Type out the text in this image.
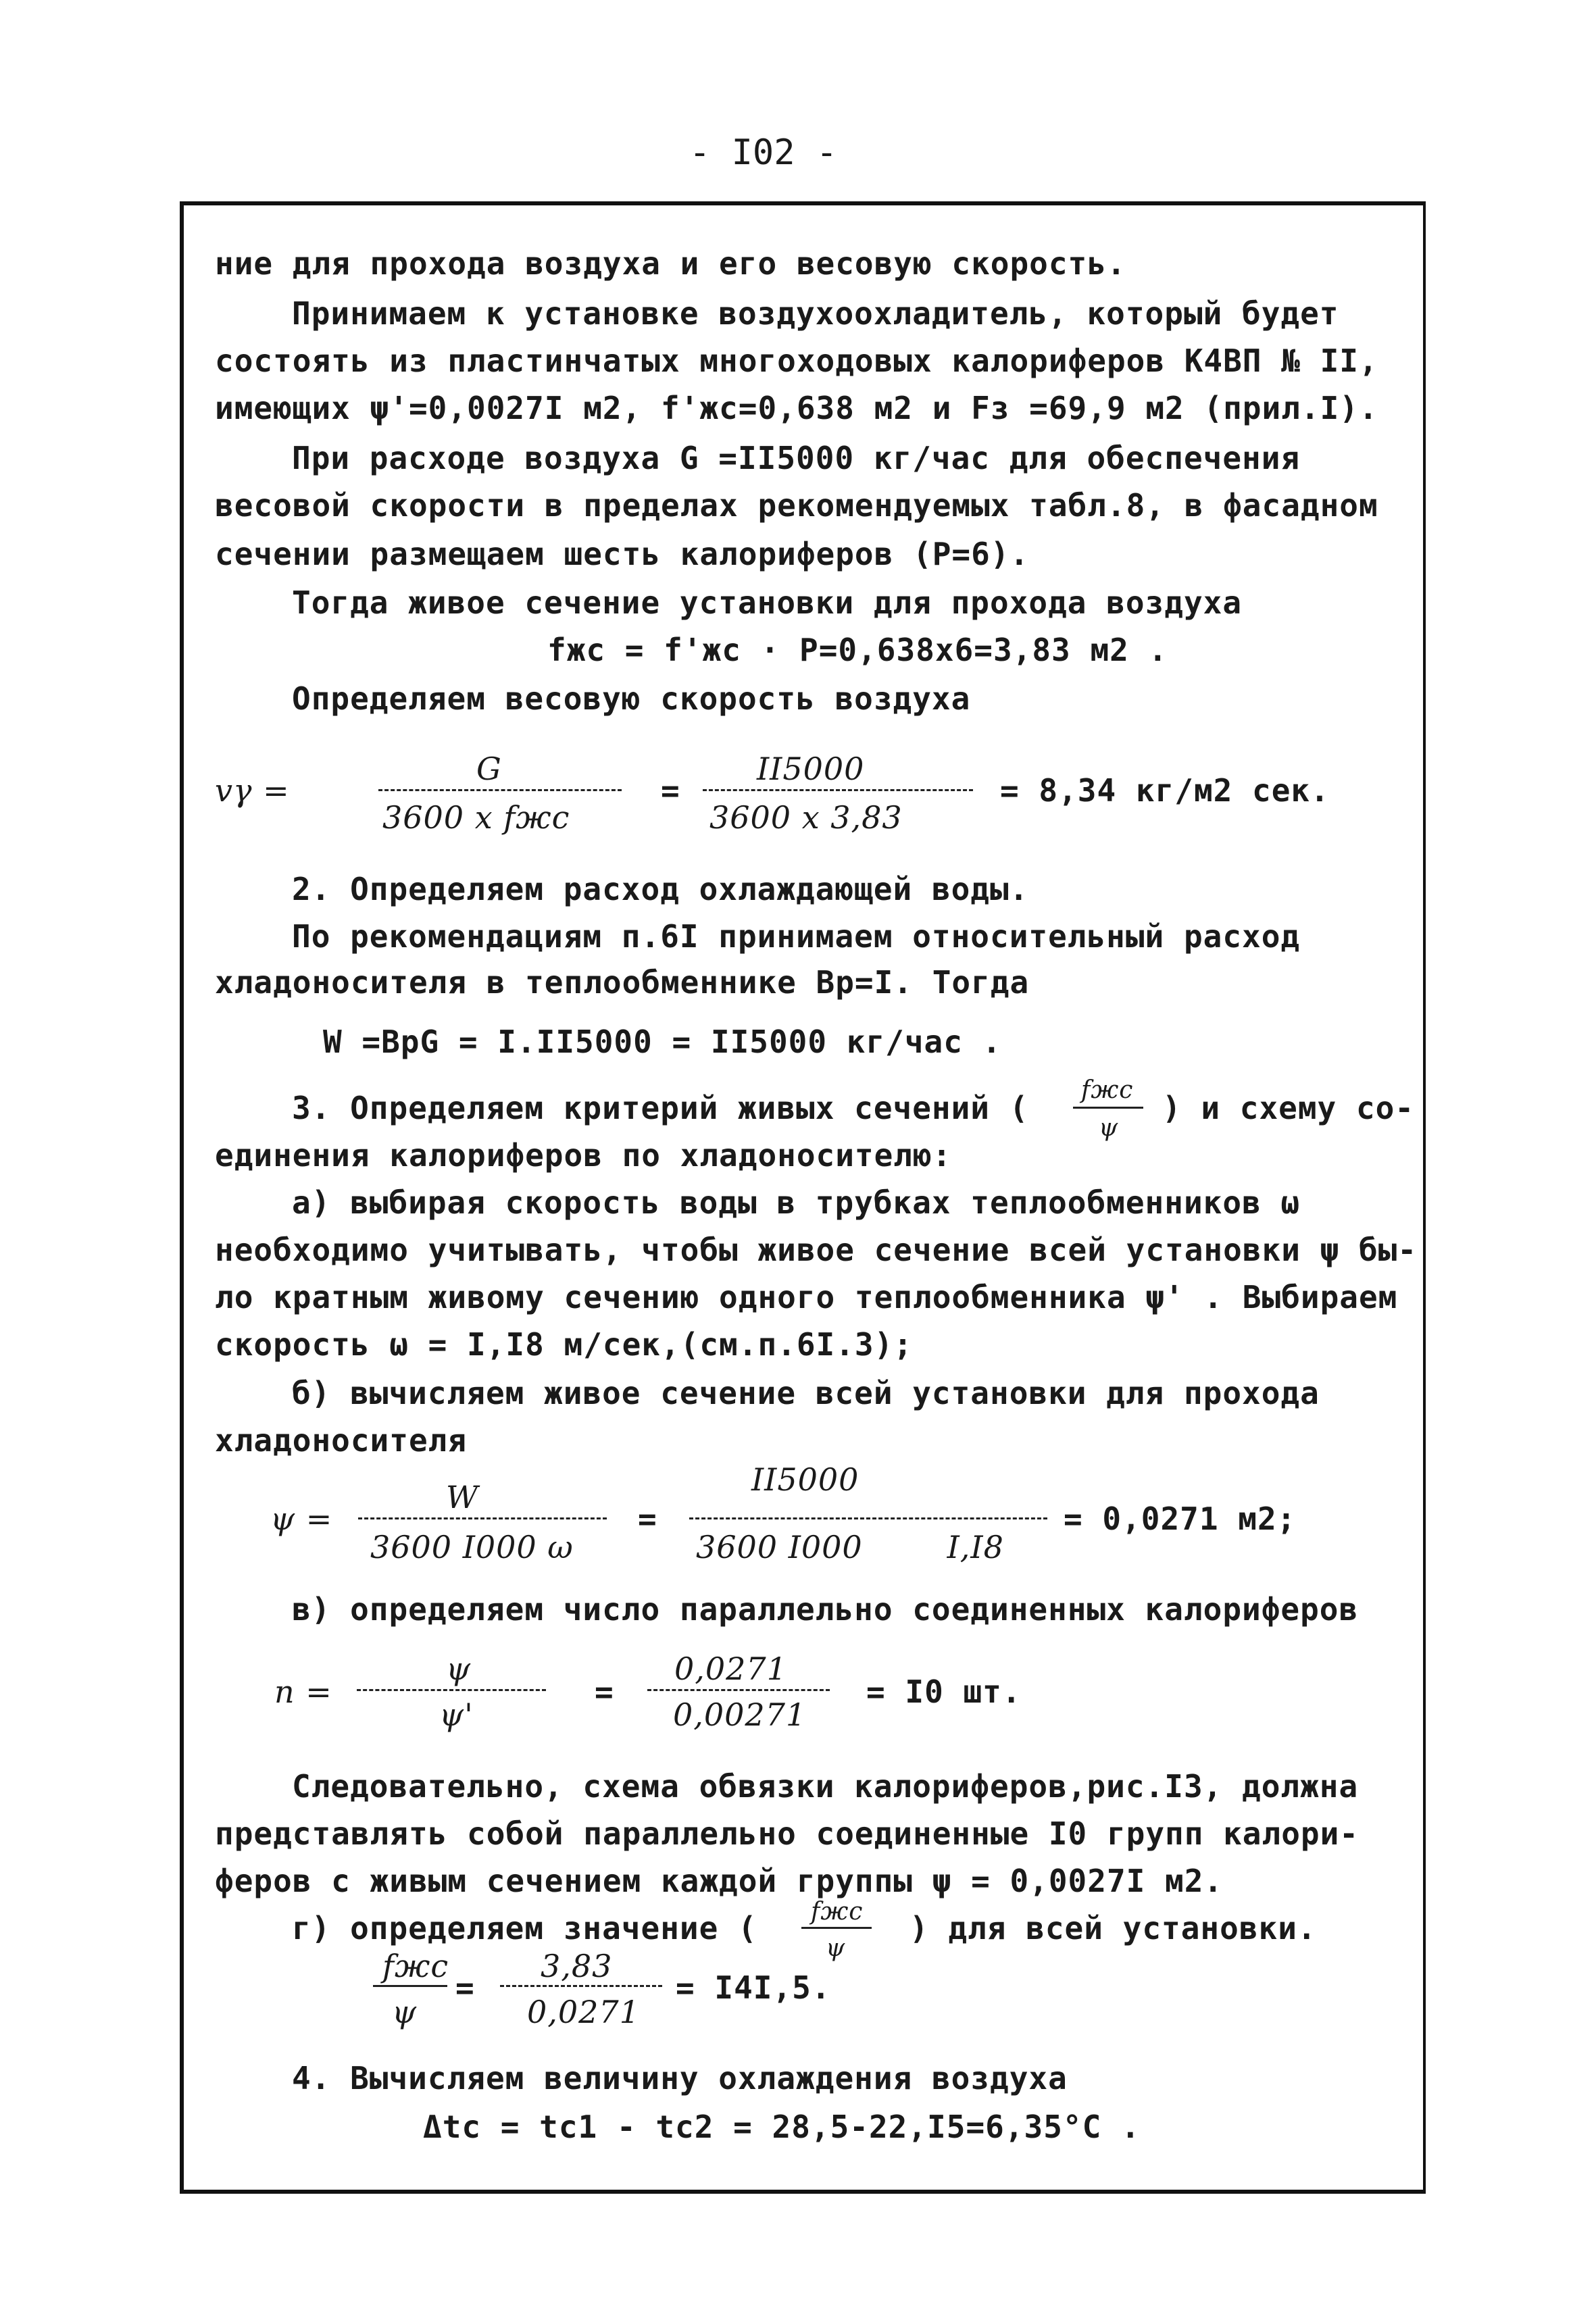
- I02 -
ние для прохода воздуха и его весовую скорость.
Принимаем к установке воздухоохладитель, который будет
состоять из пластинчатых многоходовых калориферов К4ВП № II,
имеющих ψ'=0,0027I м2, f'жс=0,638 м2 и Fз =69,9 м2 (прил.I).
При расходе воздуха G =II5000 кг/час для обеспечения
весовой скорости в пределах рекомендуемых табл.8, в фасадном
сечении размещаем шесть калориферов (Р=6).
Тогда живое сечение установки для прохода воздуха
fжс = f'жс · Р=0,638х6=3,83 м2 .
Определяем весовую скорость воздуха
vγ =
G
3600 х fжс
=
II5000
3600 х 3,83
= 8,34 кг/м2 сек.
2. Определяем расход охлаждающей воды.
По рекомендациям п.6I принимаем относительный расход
хладоносителя в теплообменнике Вр=I. Тогда
W =ВрG = I.II5000 = II5000 кг/час .
3. Определяем критерий живых сечений ( fжс
ψ
) и схему со-
единения калориферов по хладоносителю:
а) выбирая скорость воды в трубках теплообменников ω
необходимо учитывать, чтобы живое сечение всей установки ψ бы-
ло кратным живому сечению одного теплообменника ψ' . Выбираем
скорость ω = I,I8 м/сек,(см.п.6I.3);
б) вычисляем живое сечение всей установки для прохода
хладоносителя
ψ =
W
3600 I000 ω
=
II5000
3600 I000        I,I8
= 0,0271 м2;
в) определяем число параллельно соединенных калориферов
n =
ψ
ψ'
=
0,0271
0,00271
= I0 шт.
Следовательно, схема обвязки калориферов,рис.I3, должна
представлять собой параллельно соединенные I0 групп калори-
феров с живым сечением каждой группы ψ = 0,0027I м2.
г) определяем значение ( fжс
ψ
) для всей установки.
fжс
ψ
=
3,83
0,0271
= I4I,5.
4. Вычисляем величину охлаждения воздуха
Δtc = tc1 - tc2 = 28,5-22,I5=6,35°С .
